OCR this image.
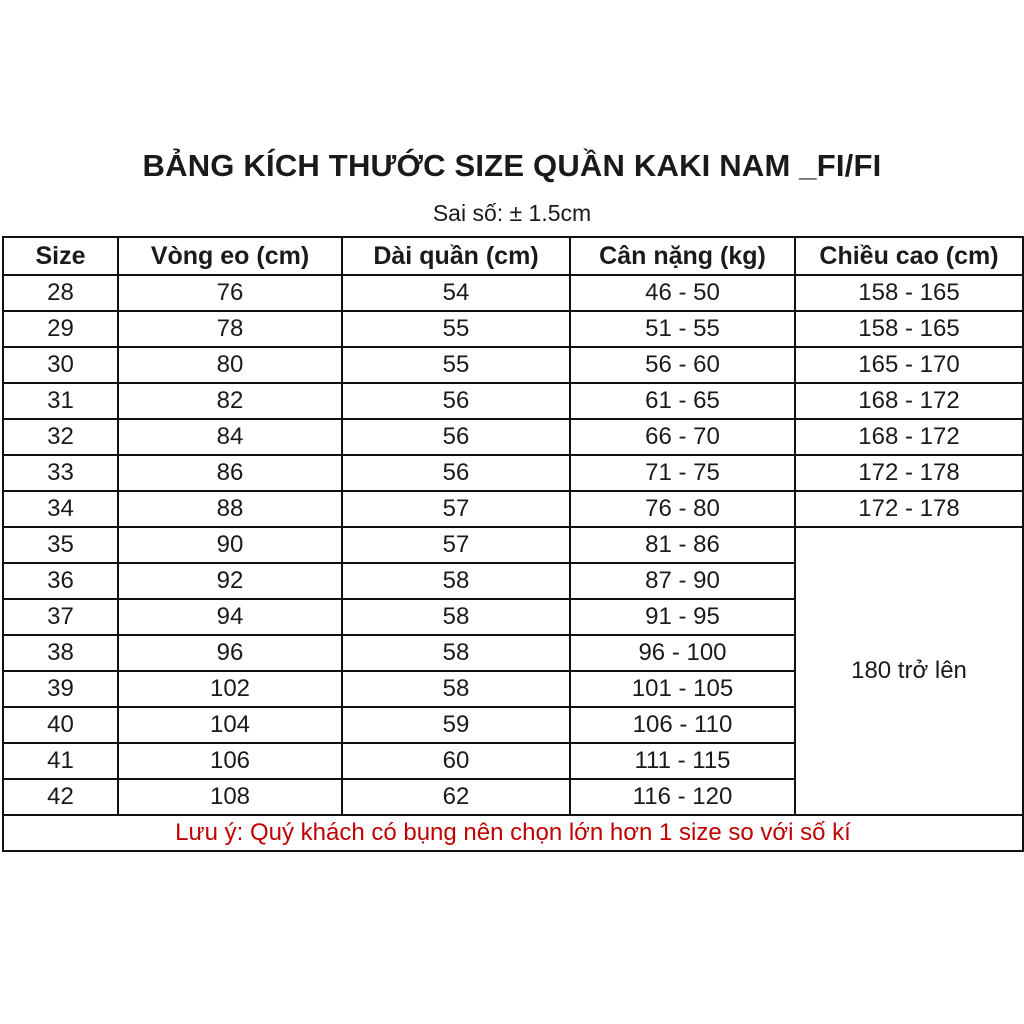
BẢNG KÍCH THƯỚC SIZE QUẦN KAKI NAM _FI/FI
Sai số: ± 1.5cm
Size	Vòng eo (cm)	Dài quần (cm)	Cân nặng (kg)	Chiều cao (cm)
28	76	54	46 - 50	158 - 165
29	78	55	51 - 55	158 - 165
30	80	55	56 - 60	165 - 170
31	82	56	61 - 65	168 - 172
32	84	56	66 - 70	168 - 172
33	86	56	71 - 75	172 - 178
34	88	57	76 - 80	172 - 178
35	90	57	81 - 86	180 trở lên
36	92	58	87 - 90	
37	94	58	91 - 95	
38	96	58	96 - 100	
39	102	58	101 - 105	
40	104	59	106 - 110	
41	106	60	111 - 115	
42	108	62	116 - 120	
Lưu ý: Quý khách có bụng nên chọn lớn hơn 1 size so với số kí				
